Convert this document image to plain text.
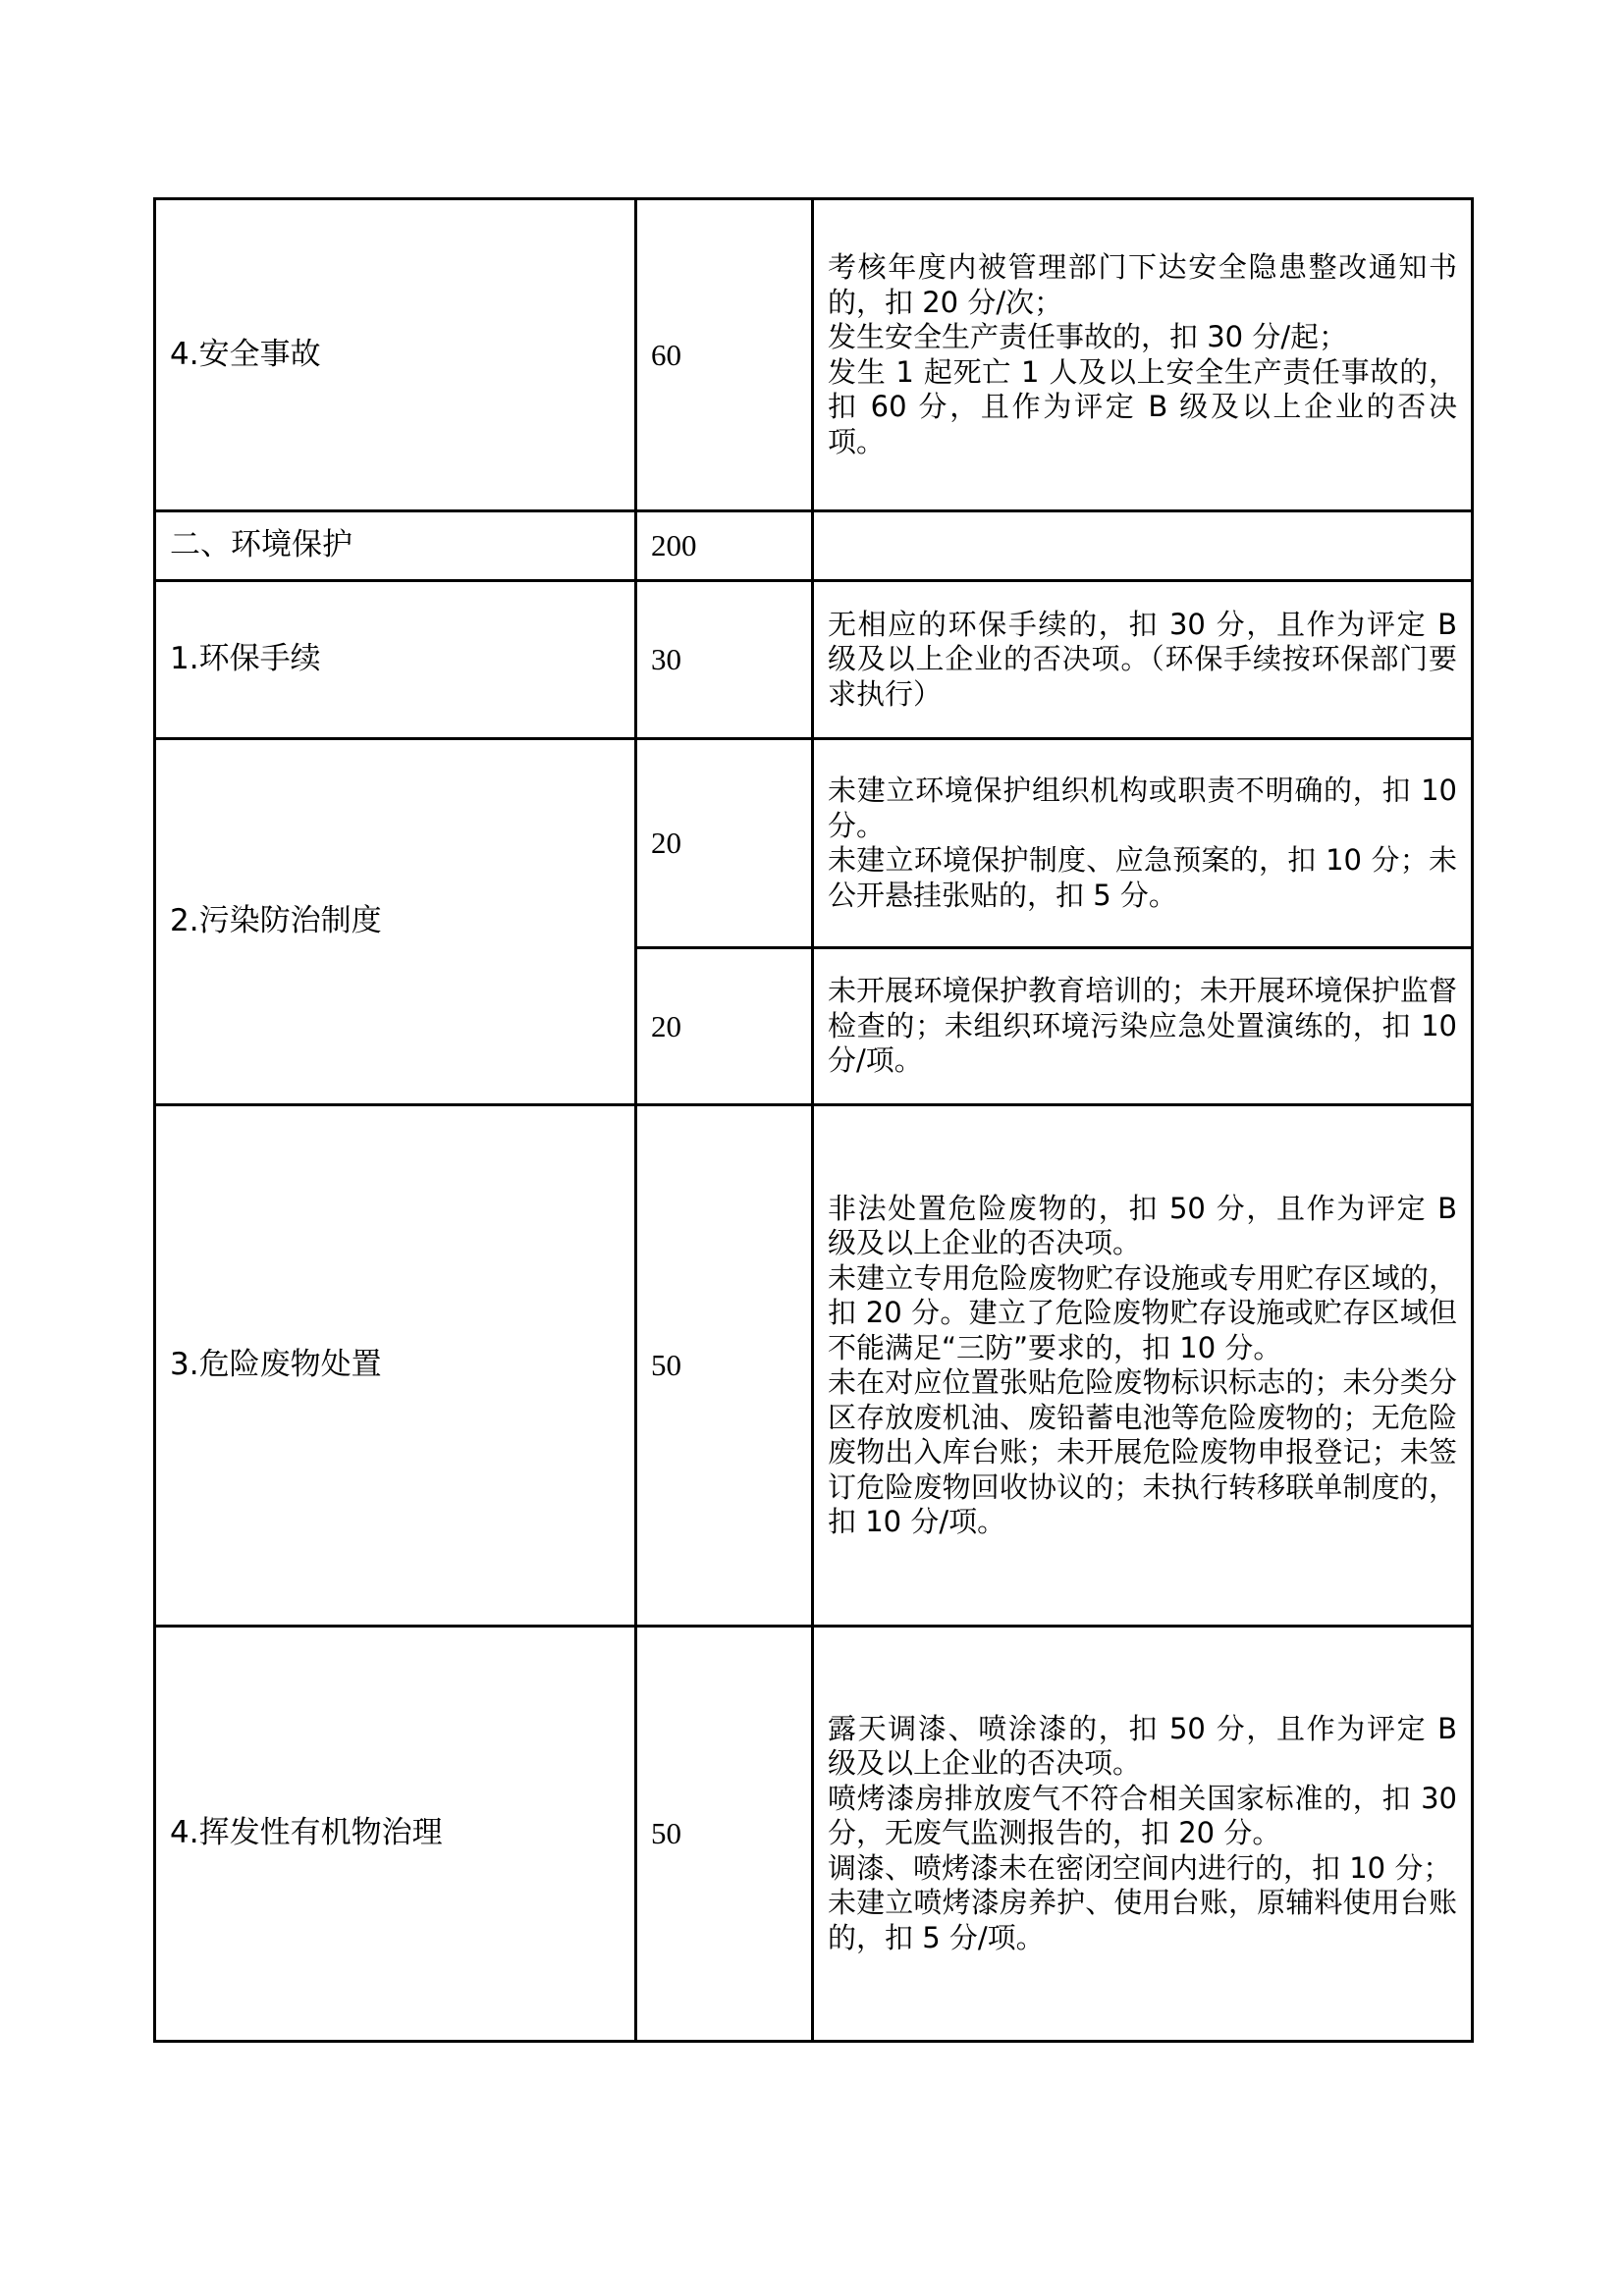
4.安全事故	60	考核年度内被管理部门下达安全隐患整改通知书的，扣 20 分/次；
发生安全生产责任事故的，扣 30 分/起；
发生 1 起死亡 1 人及以上安全生产责任事故的，扣 60 分，且作为评定 B 级及以上企业的否决项。

二、环境保护	200	
1.环保手续	30	无相应的环保手续的，扣 30 分，且作为评定 B 级及以上企业的否决项。（环保手续按环保部门要求执行）

2.污染防治制度	20	未建立环境保护组织机构或职责不明确的，扣 10 分。
未建立环境保护制度、应急预案的，扣 10 分；未公开悬挂张贴的，扣 5 分。

	20	未开展环境保护教育培训的；未开展环境保护监督检查的；未组织环境污染应急处置演练的，扣 10 分/项。

3.危险废物处置	50	非法处置危险废物的，扣 50 分，且作为评定 B 级及以上企业的否决项。
未建立专用危险废物贮存设施或专用贮存区域的，扣 20 分。建立了危险废物贮存设施或贮存区域但不能满足“三防”要求的，扣 10 分。
未在对应位置张贴危险废物标识标志的；未分类分区存放废机油、废铅蓄电池等危险废物的；无危险废物出入库台账；未开展危险废物申报登记；未签订危险废物回收协议的；未执行转移联单制度的，扣 10 分/项。

4.挥发性有机物治理	50	露天调漆、喷涂漆的，扣 50 分，且作为评定 B 级及以上企业的否决项。
喷烤漆房排放废气不符合相关国家标准的，扣 30 分，无废气监测报告的，扣 20 分。
调漆、喷烤漆未在密闭空间内进行的，扣 10 分；
未建立喷烤漆房养护、使用台账，原辅料使用台账的，扣 5 分/项。
